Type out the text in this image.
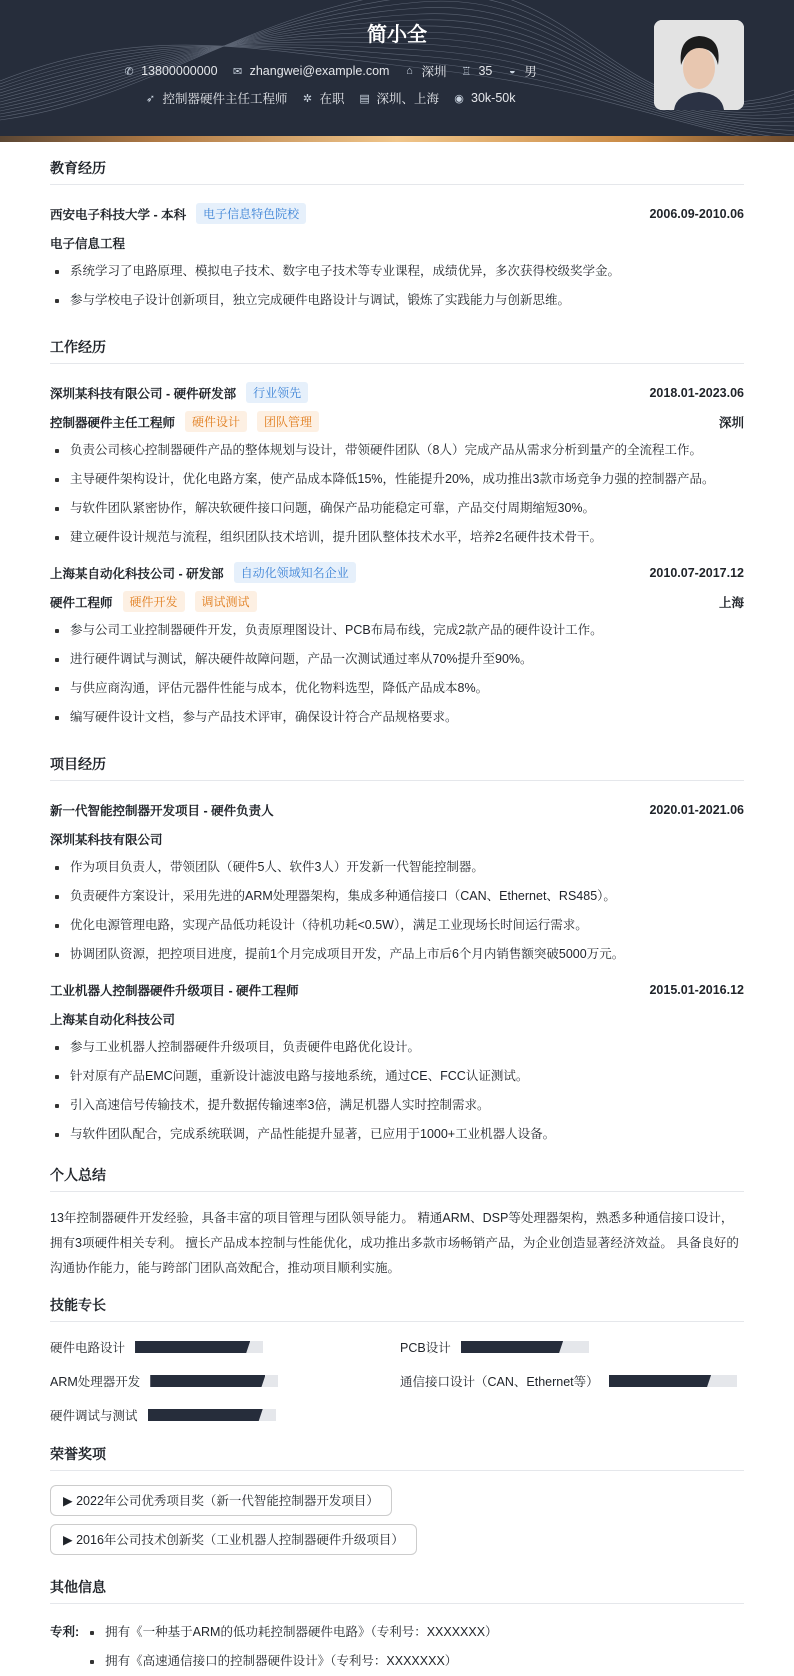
简小全
✆ 13800000000 ✉ zhangwei@example.com ⌂ 深圳 ♖ 35 ◒ 男
➶ 控制器硬件主任工程师 ✲ 在职 ▤ 深圳、上海 ◉ 30k-50k
教育经历
西安电子科技大学 - 本科	电子信息特色院校	2006.09-2010.06
电子信息工程
系统学习了电路原理、模拟电子技术、数字电子技术等专业课程，成绩优异，多次获得校级奖学金。
参与学校电子设计创新项目，独立完成硬件电路设计与调试，锻炼了实践能力与创新思维。
工作经历
深圳某科技有限公司 - 硬件研发部	行业领先	2018.01-2023.06
控制器硬件主任工程师	硬件设计	团队管理	深圳
负责公司核心控制器硬件产品的整体规划与设计，带领硬件团队（8人）完成产品从需求分析到量产的全流程工作。
主导硬件架构设计，优化电路方案，使产品成本降低15%，性能提升20%，成功推出3款市场竞争力强的控制器产品。
与软件团队紧密协作，解决软硬件接口问题，确保产品功能稳定可靠，产品交付周期缩短30%。
建立硬件设计规范与流程，组织团队技术培训，提升团队整体技术水平，培养2名硬件技术骨干。
上海某自动化科技公司 - 研发部	自动化领域知名企业	2010.07-2017.12
硬件工程师	硬件开发	调试测试	上海
参与公司工业控制器硬件开发，负责原理图设计、PCB布局布线，完成2款产品的硬件设计工作。
进行硬件调试与测试，解决硬件故障问题，产品一次测试通过率从70%提升至90%。
与供应商沟通，评估元器件性能与成本，优化物料选型，降低产品成本8%。
编写硬件设计文档，参与产品技术评审，确保设计符合产品规格要求。
项目经历
新一代智能控制器开发项目 - 硬件负责人	2020.01-2021.06
深圳某科技有限公司
作为项目负责人，带领团队（硬件5人、软件3人）开发新一代智能控制器。
负责硬件方案设计，采用先进的ARM处理器架构，集成多种通信接口（CAN、Ethernet、RS485）。
优化电源管理电路，实现产品低功耗设计（待机功耗<0.5W），满足工业现场长时间运行需求。
协调团队资源，把控项目进度，提前1个月完成项目开发，产品上市后6个月内销售额突破5000万元。
工业机器人控制器硬件升级项目 - 硬件工程师	2015.01-2016.12
上海某自动化科技公司
参与工业机器人控制器硬件升级项目，负责硬件电路优化设计。
针对原有产品EMC问题，重新设计滤波电路与接地系统，通过CE、FCC认证测试。
引入高速信号传输技术，提升数据传输速率3倍，满足机器人实时控制需求。
与软件团队配合，完成系统联调，产品性能提升显著，已应用于1000+工业机器人设备。
个人总结
13年控制器硬件开发经验，具备丰富的项目管理与团队领导能力。 精通ARM、DSP等处理器架构，熟悉多种通信接口设计，拥有3项硬件相关专利。 擅长产品成本控制与性能优化，成功推出多款市场畅销产品，为企业创造显著经济效益。 具备良好的沟通协作能力，能与跨部门团队高效配合，推动项目顺利实施。
技能专长
硬件电路设计	PCB设计
ARM处理器开发	通信接口设计（CAN、Ethernet等）
硬件调试与测试
荣誉奖项
▶ 2022年公司优秀项目奖（新一代智能控制器开发项目）
▶ 2016年公司技术创新奖（工业机器人控制器硬件升级项目）
其他信息
专利:	拥有《一种基于ARM的低功耗控制器硬件电路》（专利号：XXXXXXX）
拥有《高速通信接口的控制器硬件设计》（专利号：XXXXXXX）
